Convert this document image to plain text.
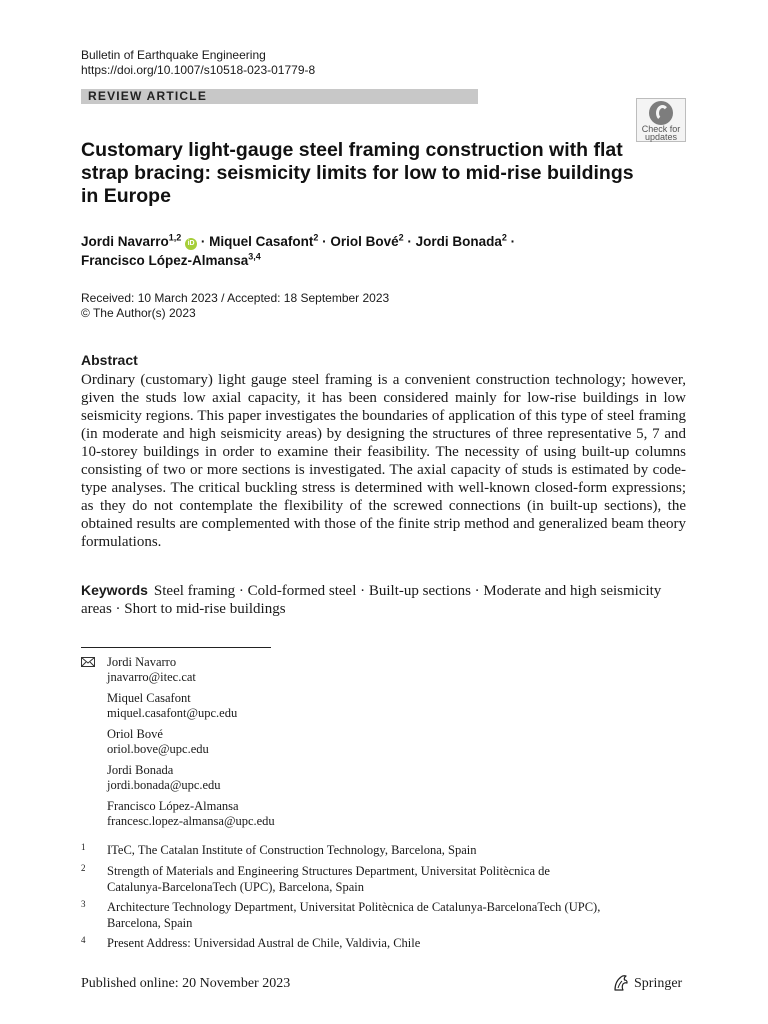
Bulletin of Earthquake Engineering
https://doi.org/10.1007/s10518-023-01779-8
REVIEW ARTICLE
Check for
updates
Customary light-gauge steel framing construction with flat strap bracing: seismicity limits for low to mid-rise buildings in Europe
Jordi Navarro$^{1,2}$ iD · Miquel Casafont$^2$ · Oriol Bové$^2$ · Jordi Bonada$^2$ ·
Francisco López-Almansa$^{3,4}$
Received: 10 March 2023 / Accepted: 18 September 2023
© The Author(s) 2023
Abstract
Ordinary (customary) light gauge steel framing is a convenient construction technology; however, given the studs low axial capacity, it has been considered mainly for low-rise buildings in low seismicity regions. This paper investigates the boundaries of application of this type of steel framing (in moderate and high seismicity areas) by designing the structures of three representative 5, 7 and 10-storey buildings in order to examine their feasibility. The necessity of using built-up columns consisting of two or more sections is investigated. The axial capacity of studs is estimated by code-type analyses. The critical buckling stress is determined with well-known closed-form expressions; as they do not contemplate the flexibility of the screwed connections (in built-up sections), the obtained results are complemented with those of the finite strip method and generalized beam theory formulations.
Keywords Steel framing · Cold-formed steel · Built-up sections · Moderate and high seismicity areas · Short to mid-rise buildings
Jordi Navarro
jnavarro@itec.cat
Miquel Casafont
miquel.casafont@upc.edu
Oriol Bové
oriol.bove@upc.edu
Jordi Bonada
jordi.bonada@upc.edu
Francisco López-Almansa
francesc.lopez-almansa@upc.edu
1 ITeC, The Catalan Institute of Construction Technology, Barcelona, Spain
2 Strength of Materials and Engineering Structures Department, Universitat Politècnica de
Catalunya-BarcelonaTech (UPC), Barcelona, Spain
3 Architecture Technology Department, Universitat Politècnica de Catalunya-BarcelonaTech (UPC),
Barcelona, Spain
4 Present Address: Universidad Austral de Chile, Valdivia, Chile
Published online: 20 November 2023	Springer
